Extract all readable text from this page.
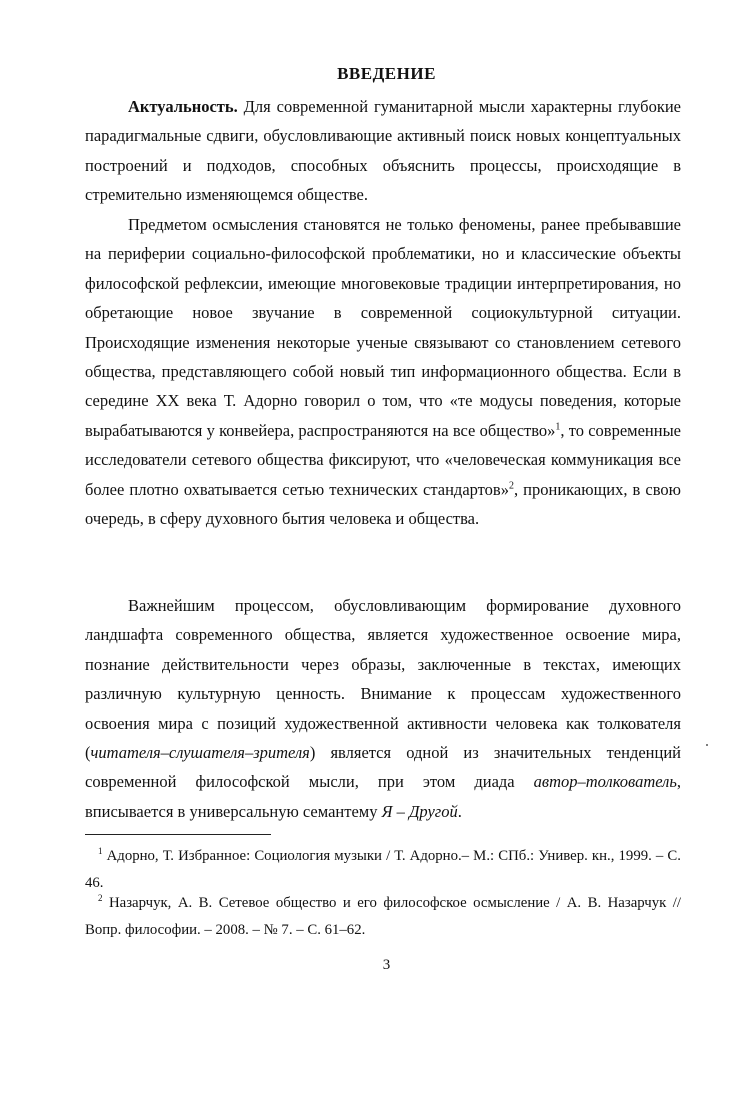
ВВЕДЕНИЕ

Актуальность. Для современной гуманитарной мысли характерны глубокие парадигмальные сдвиги, обусловливающие активный поиск новых концептуальных построений и подходов, способных объяснить процессы, происходящие в стремительно изменяющемся обществе.

Предметом осмысления становятся не только феномены, ранее пребывавшие на периферии социально-философской проблематики, но и классические объекты философской рефлексии, имеющие многовековые традиции интерпретирования, но обретающие новое звучание в современной социокультурной ситуации. Происходящие изменения некоторые ученые связывают со становлением сетевого общества, представляющего собой новый тип информационного общества. Если в середине XX века Т. Адорно говорил о том, что «те модусы поведения, которые вырабатываются у конвейера, распространяются на все общество»$^1$, то современные исследователи сетевого общества фиксируют, что «человеческая коммуникация все более плотно охватывается сетью технических стандартов»$^2$, проникающих, в свою очередь, в сферу духовного бытия человека и общества.

Важнейшим процессом, обусловливающим формирование духовного ландшафта современного общества, является художественное освоение мира, познание действительности через образы, заключенные в текстах, имеющих различную культурную ценность. Внимание к процессам художественного освоения мира с позиций художественной активности человека как толкователя (читателя–слушателя–зрителя) является одной из значительных тенденций современной философской мысли, при этом диада автор–толкователь, вписывается в универсальную семантему Я – Другой.

$^1$ Адорно, Т. Избранное: Социология музыки / Т. Адорно.– М.: СПб.: Универ. кн., 1999. – С. 46.

$^2$ Назарчук, А. В. Сетевое общество и его философское осмысление / А. В. Назарчук // Вопр. философии. – 2008. – № 7. – С. 61–62.

3
